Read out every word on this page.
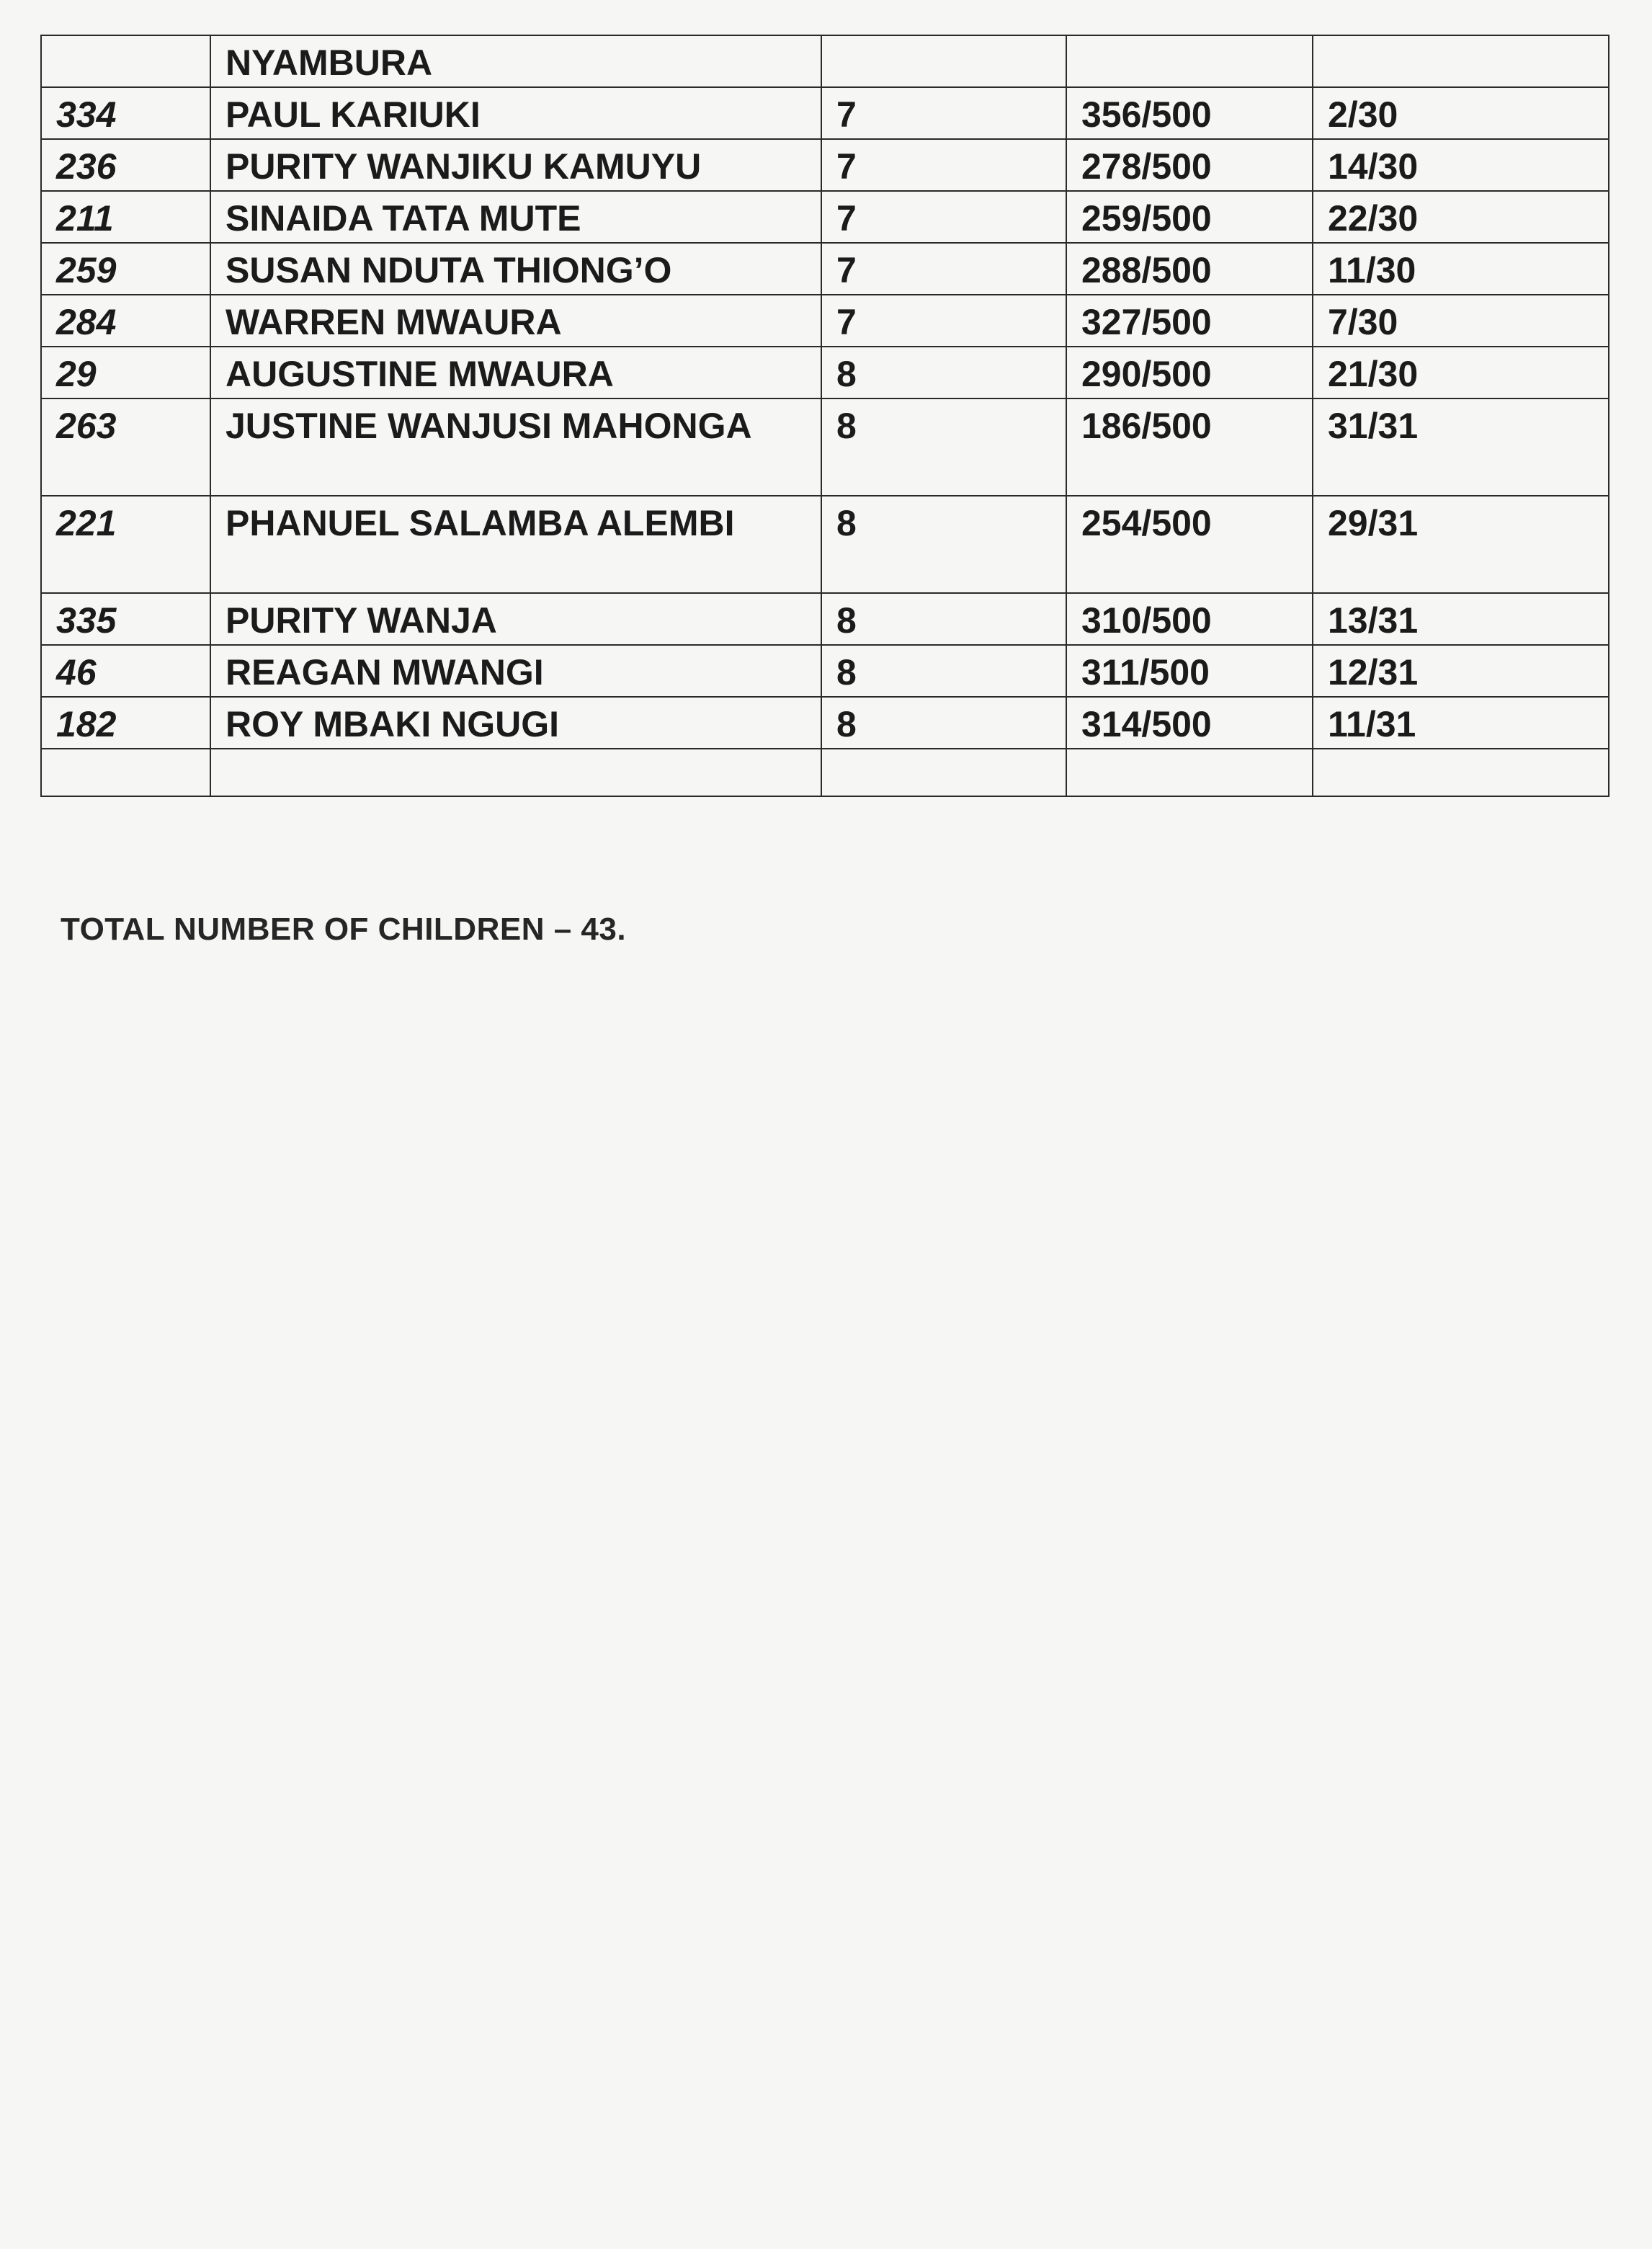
	NYAMBURA			
334	PAUL KARIUKI	7	356/500	2/30
236	PURITY WANJIKU KAMUYU	7	278/500	14/30
211	SINAIDA TATA MUTE	7	259/500	22/30
259	SUSAN NDUTA THIONG’O	7	288/500	11/30
284	WARREN MWAURA	7	327/500	7/30
29	AUGUSTINE MWAURA	8	290/500	21/30
263	JUSTINE WANJUSI MAHONGA	8	186/500	31/31
221	PHANUEL SALAMBA ALEMBI	8	254/500	29/31
335	PURITY WANJA	8	310/500	13/31
46	REAGAN MWANGI	8	311/500	12/31
182	ROY MBAKI NGUGI	8	314/500	11/31

TOTAL NUMBER OF CHILDREN – 43.
